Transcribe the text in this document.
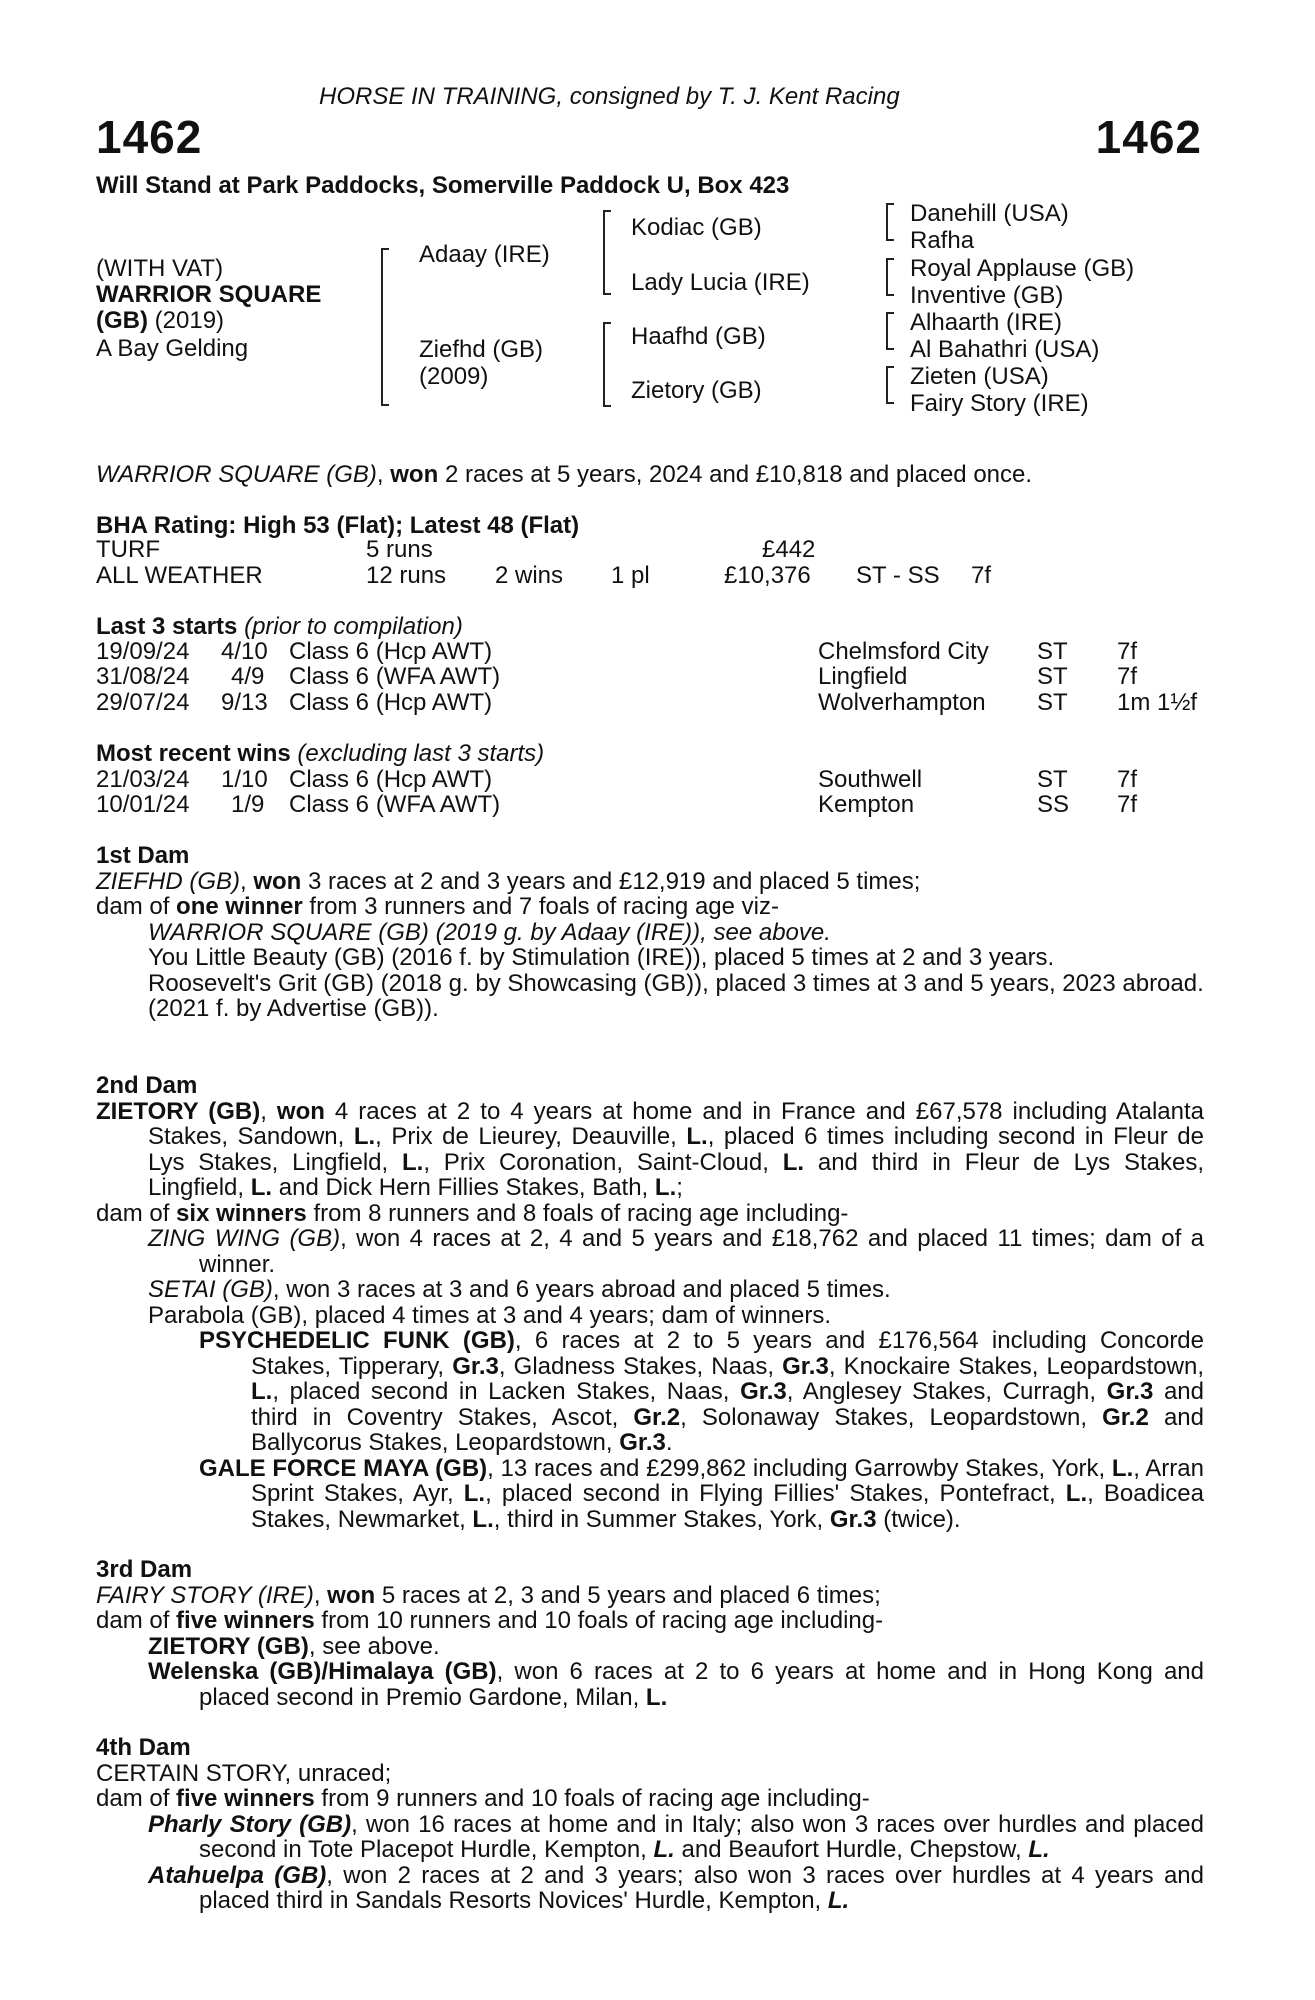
HORSE IN TRAINING, consigned by T. J. Kent Racing
1462	1462
Will Stand at Park Paddocks, Somerville Paddock U, Box 423
(WITH VAT)
WARRIOR SQUARE
(GB) (2019)
A Bay Gelding
Adaay (IRE)
Ziefhd (GB)
(2009)
Kodiac (GB)
Lady Lucia (IRE)
Haafhd (GB)
Zietory (GB)
Danehill (USA)
Rafha
Royal Applause (GB)
Inventive (GB)
Alhaarth (IRE)
Al Bahathri (USA)
Zieten (USA)
Fairy Story (IRE)
WARRIOR SQUARE (GB), won 2 races at 5 years, 2024 and £10,818 and placed once.
BHA Rating: High 53 (Flat); Latest 48 (Flat)
TURF	5 runs	£442
ALL WEATHER	12 runs 2 wins 1 pl	£10,376 ST - SS 7f
Last 3 starts (prior to compilation)
19/09/24 4/10 Class 6 (Hcp AWT)	Chelmsford City ST 7f
31/08/24 4/9 Class 6 (WFA AWT)	Lingfield	ST 7f
29/07/24 9/13 Class 6 (Hcp AWT)	Wolverhampton ST 1m 1½f
Most recent wins (excluding last 3 starts)
21/03/24 1/10 Class 6 (Hcp AWT)	Southwell	ST 7f
10/01/24 1/9 Class 6 (WFA AWT)	Kempton	SS 7f

1st Dam

ZIEFHD (GB), won 3 races at 2 and 3 years and £12,919 and placed 5 times;

dam of one winner from 3 runners and 7 foals of racing age viz-

WARRIOR SQUARE (GB) (2019 g. by Adaay (IRE)), see above.

You Little Beauty (GB) (2016 f. by Stimulation (IRE)), placed 5 times at 2 and 3 years.

Roosevelt's Grit (GB) (2018 g. by Showcasing (GB)), placed 3 times at 3 and 5 years, 2023 abroad.

(2021 f. by Advertise (GB)).

2nd Dam

ZIETORY (GB), won 4 races at 2 to 4 years at home and in France and £67,578 including Atalanta Stakes, Sandown, L., Prix de Lieurey, Deauville, L., placed 6 times including second in Fleur de Lys Stakes, Lingfield, L., Prix Coronation, Saint-Cloud, L. and third in Fleur de Lys Stakes, Lingfield, L. and Dick Hern Fillies Stakes, Bath, L.;

dam of six winners from 8 runners and 8 foals of racing age including-

ZING WING (GB), won 4 races at 2, 4 and 5 years and £18,762 and placed 11 times; dam of a winner.

SETAI (GB), won 3 races at 3 and 6 years abroad and placed 5 times.

Parabola (GB), placed 4 times at 3 and 4 years; dam of winners.

PSYCHEDELIC FUNK (GB), 6 races at 2 to 5 years and £176,564 including Concorde Stakes, Tipperary, Gr.3, Gladness Stakes, Naas, Gr.3, Knockaire Stakes, Leopardstown, L., placed second in Lacken Stakes, Naas, Gr.3, Anglesey Stakes, Curragh, Gr.3 and third in Coventry Stakes, Ascot, Gr.2, Solonaway Stakes, Leopardstown, Gr.2 and Ballycorus Stakes, Leopardstown, Gr.3.

GALE FORCE MAYA (GB), 13 races and £299,862 including Garrowby Stakes, York, L., Arran Sprint Stakes, Ayr, L., placed second in Flying Fillies' Stakes, Pontefract, L., Boadicea Stakes, Newmarket, L., third in Summer Stakes, York, Gr.3 (twice).

3rd Dam

FAIRY STORY (IRE), won 5 races at 2, 3 and 5 years and placed 6 times;

dam of five winners from 10 runners and 10 foals of racing age including-

ZIETORY (GB), see above.

Welenska (GB)/Himalaya (GB), won 6 races at 2 to 6 years at home and in Hong Kong and placed second in Premio Gardone, Milan, L.

4th Dam

CERTAIN STORY, unraced;

dam of five winners from 9 runners and 10 foals of racing age including-

Pharly Story (GB), won 16 races at home and in Italy; also won 3 races over hurdles and placed second in Tote Placepot Hurdle, Kempton, L. and Beaufort Hurdle, Chepstow, L.

Atahuelpa (GB), won 2 races at 2 and 3 years; also won 3 races over hurdles at 4 years and placed third in Sandals Resorts Novices' Hurdle, Kempton, L.
